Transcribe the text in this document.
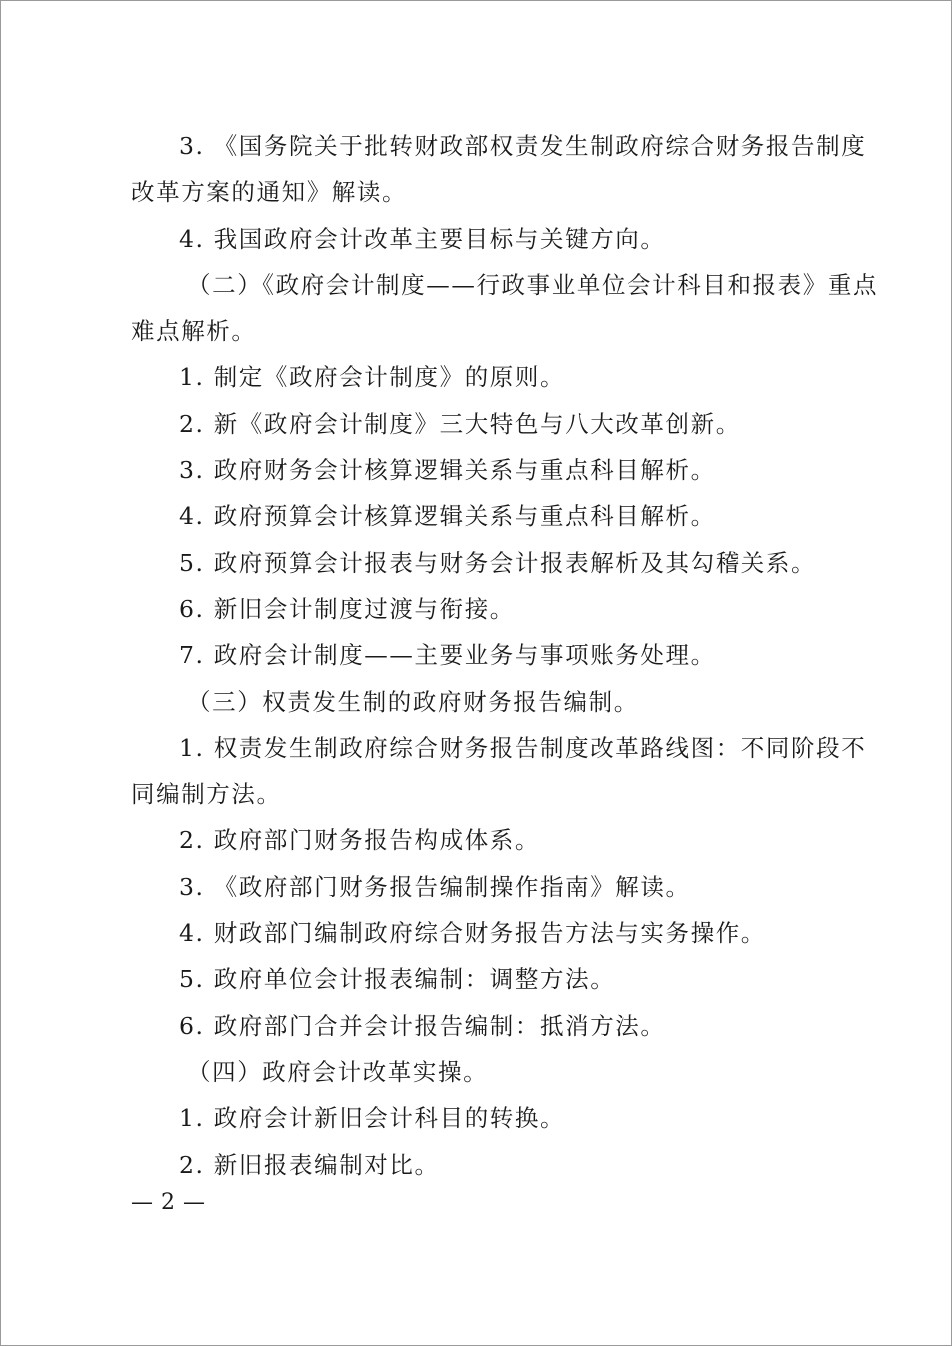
3. 《国务院关于批转财政部权责发生制政府综合财务报告制度
改革方案的通知》解读。
4. 我国政府会计改革主要目标与关键方向。
（二）《政府会计制度——行政事业单位会计科目和报表》重点
难点解析。
1. 制定《政府会计制度》的原则。
2. 新《政府会计制度》三大特色与八大改革创新。
3. 政府财务会计核算逻辑关系与重点科目解析。
4. 政府预算会计核算逻辑关系与重点科目解析。
5. 政府预算会计报表与财务会计报表解析及其勾稽关系。
6. 新旧会计制度过渡与衔接。
7. 政府会计制度——主要业务与事项账务处理。
（三）权责发生制的政府财务报告编制。
1. 权责发生制政府综合财务报告制度改革路线图：不同阶段不
同编制方法。
2. 政府部门财务报告构成体系。
3. 《政府部门财务报告编制操作指南》解读。
4. 财政部门编制政府综合财务报告方法与实务操作。
5. 政府单位会计报表编制：调整方法。
6. 政府部门合并会计报告编制：抵消方法。
（四）政府会计改革实操。
1. 政府会计新旧会计科目的转换。
2. 新旧报表编制对比。
— 2 —
